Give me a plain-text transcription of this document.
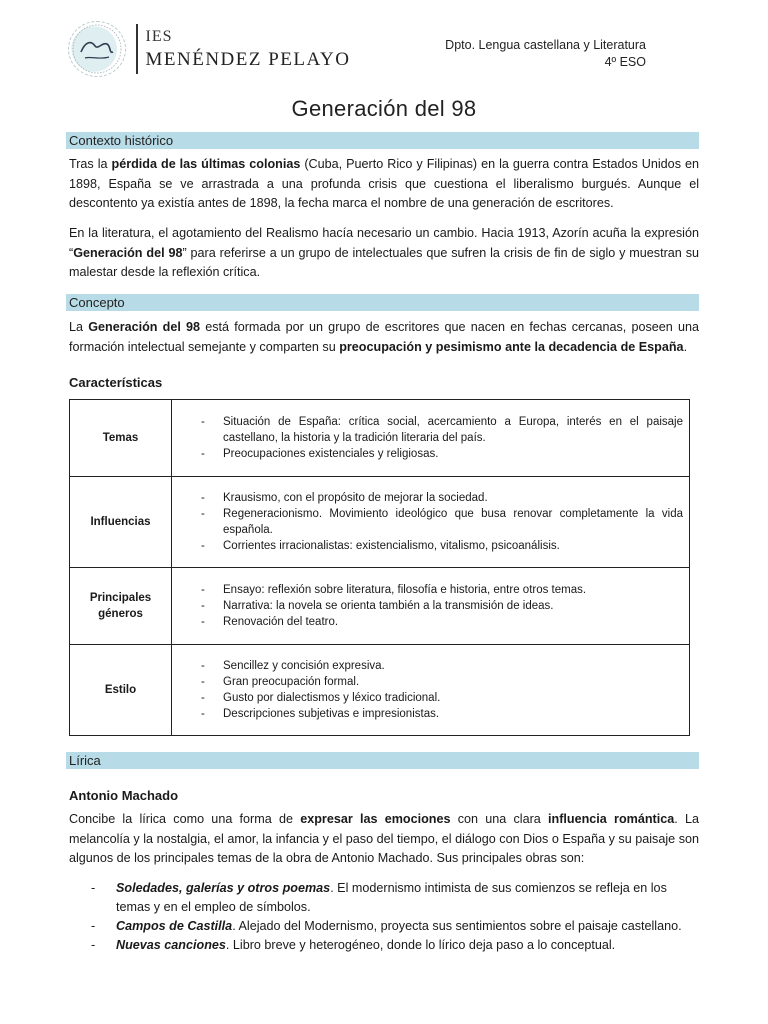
IES
MENÉNDEZ PELAYO
Dpto. Lengua castellana y Literatura
4º ESO
Generación del 98
Contexto histórico

Tras la pérdida de las últimas colonias (Cuba, Puerto Rico y Filipinas) en la guerra contra Estados Unidos en 1898, España se ve arrastrada a una profunda crisis que cuestiona el liberalismo burgués. Aunque el descontento ya existía antes de 1898, la fecha marca el nombre de una generación de escritores.

En la literatura, el agotamiento del Realismo hacía necesario un cambio. Hacia 1913, Azorín acuña la expresión “Generación del 98” para referirse a un grupo de intelectuales que sufren la crisis de fin de siglo y muestran su malestar desde la reflexión crítica.

Concepto

La Generación del 98 está formada por un grupo de escritores que nacen en fechas cercanas, poseen una formación intelectual semejante y comparten su preocupación y pesimismo ante la decadencia de España.

Características
Temas
- Situación de España: crítica social, acercamiento a Europa, interés en el paisaje castellano, la historia y la tradición literaria del país.
- Preocupaciones existenciales y religiosas.
Influencias
- Krausismo, con el propósito de mejorar la sociedad.
- Regeneracionismo. Movimiento ideológico que busa renovar completamente la vida española.
- Corrientes irracionalistas: existencialismo, vitalismo, psicoanálisis.
Principales géneros
- Ensayo: reflexión sobre literatura, filosofía e historia, entre otros temas.
- Narrativa: la novela se orienta también a la transmisión de ideas.
- Renovación del teatro.
Estilo
- Sencillez y concisión expresiva.
- Gran preocupación formal.
- Gusto por dialectismos y léxico tradicional.
- Descripciones subjetivas e impresionistas.
Lírica
Antonio Machado

Concibe la lírica como una forma de expresar las emociones con una clara influencia romántica. La melancolía y la nostalgia, el amor, la infancia y el paso del tiempo, el diálogo con Dios o España y su paisaje son algunos de los principales temas de la obra de Antonio Machado. Sus principales obras son:

- Soledades, galerías y otros poemas. El modernismo intimista de sus comienzos se refleja en los temas y en el empleo de símbolos.
- Campos de Castilla. Alejado del Modernismo, proyecta sus sentimientos sobre el paisaje castellano.
- Nuevas canciones. Libro breve y heterogéneo, donde lo lírico deja paso a lo conceptual.
